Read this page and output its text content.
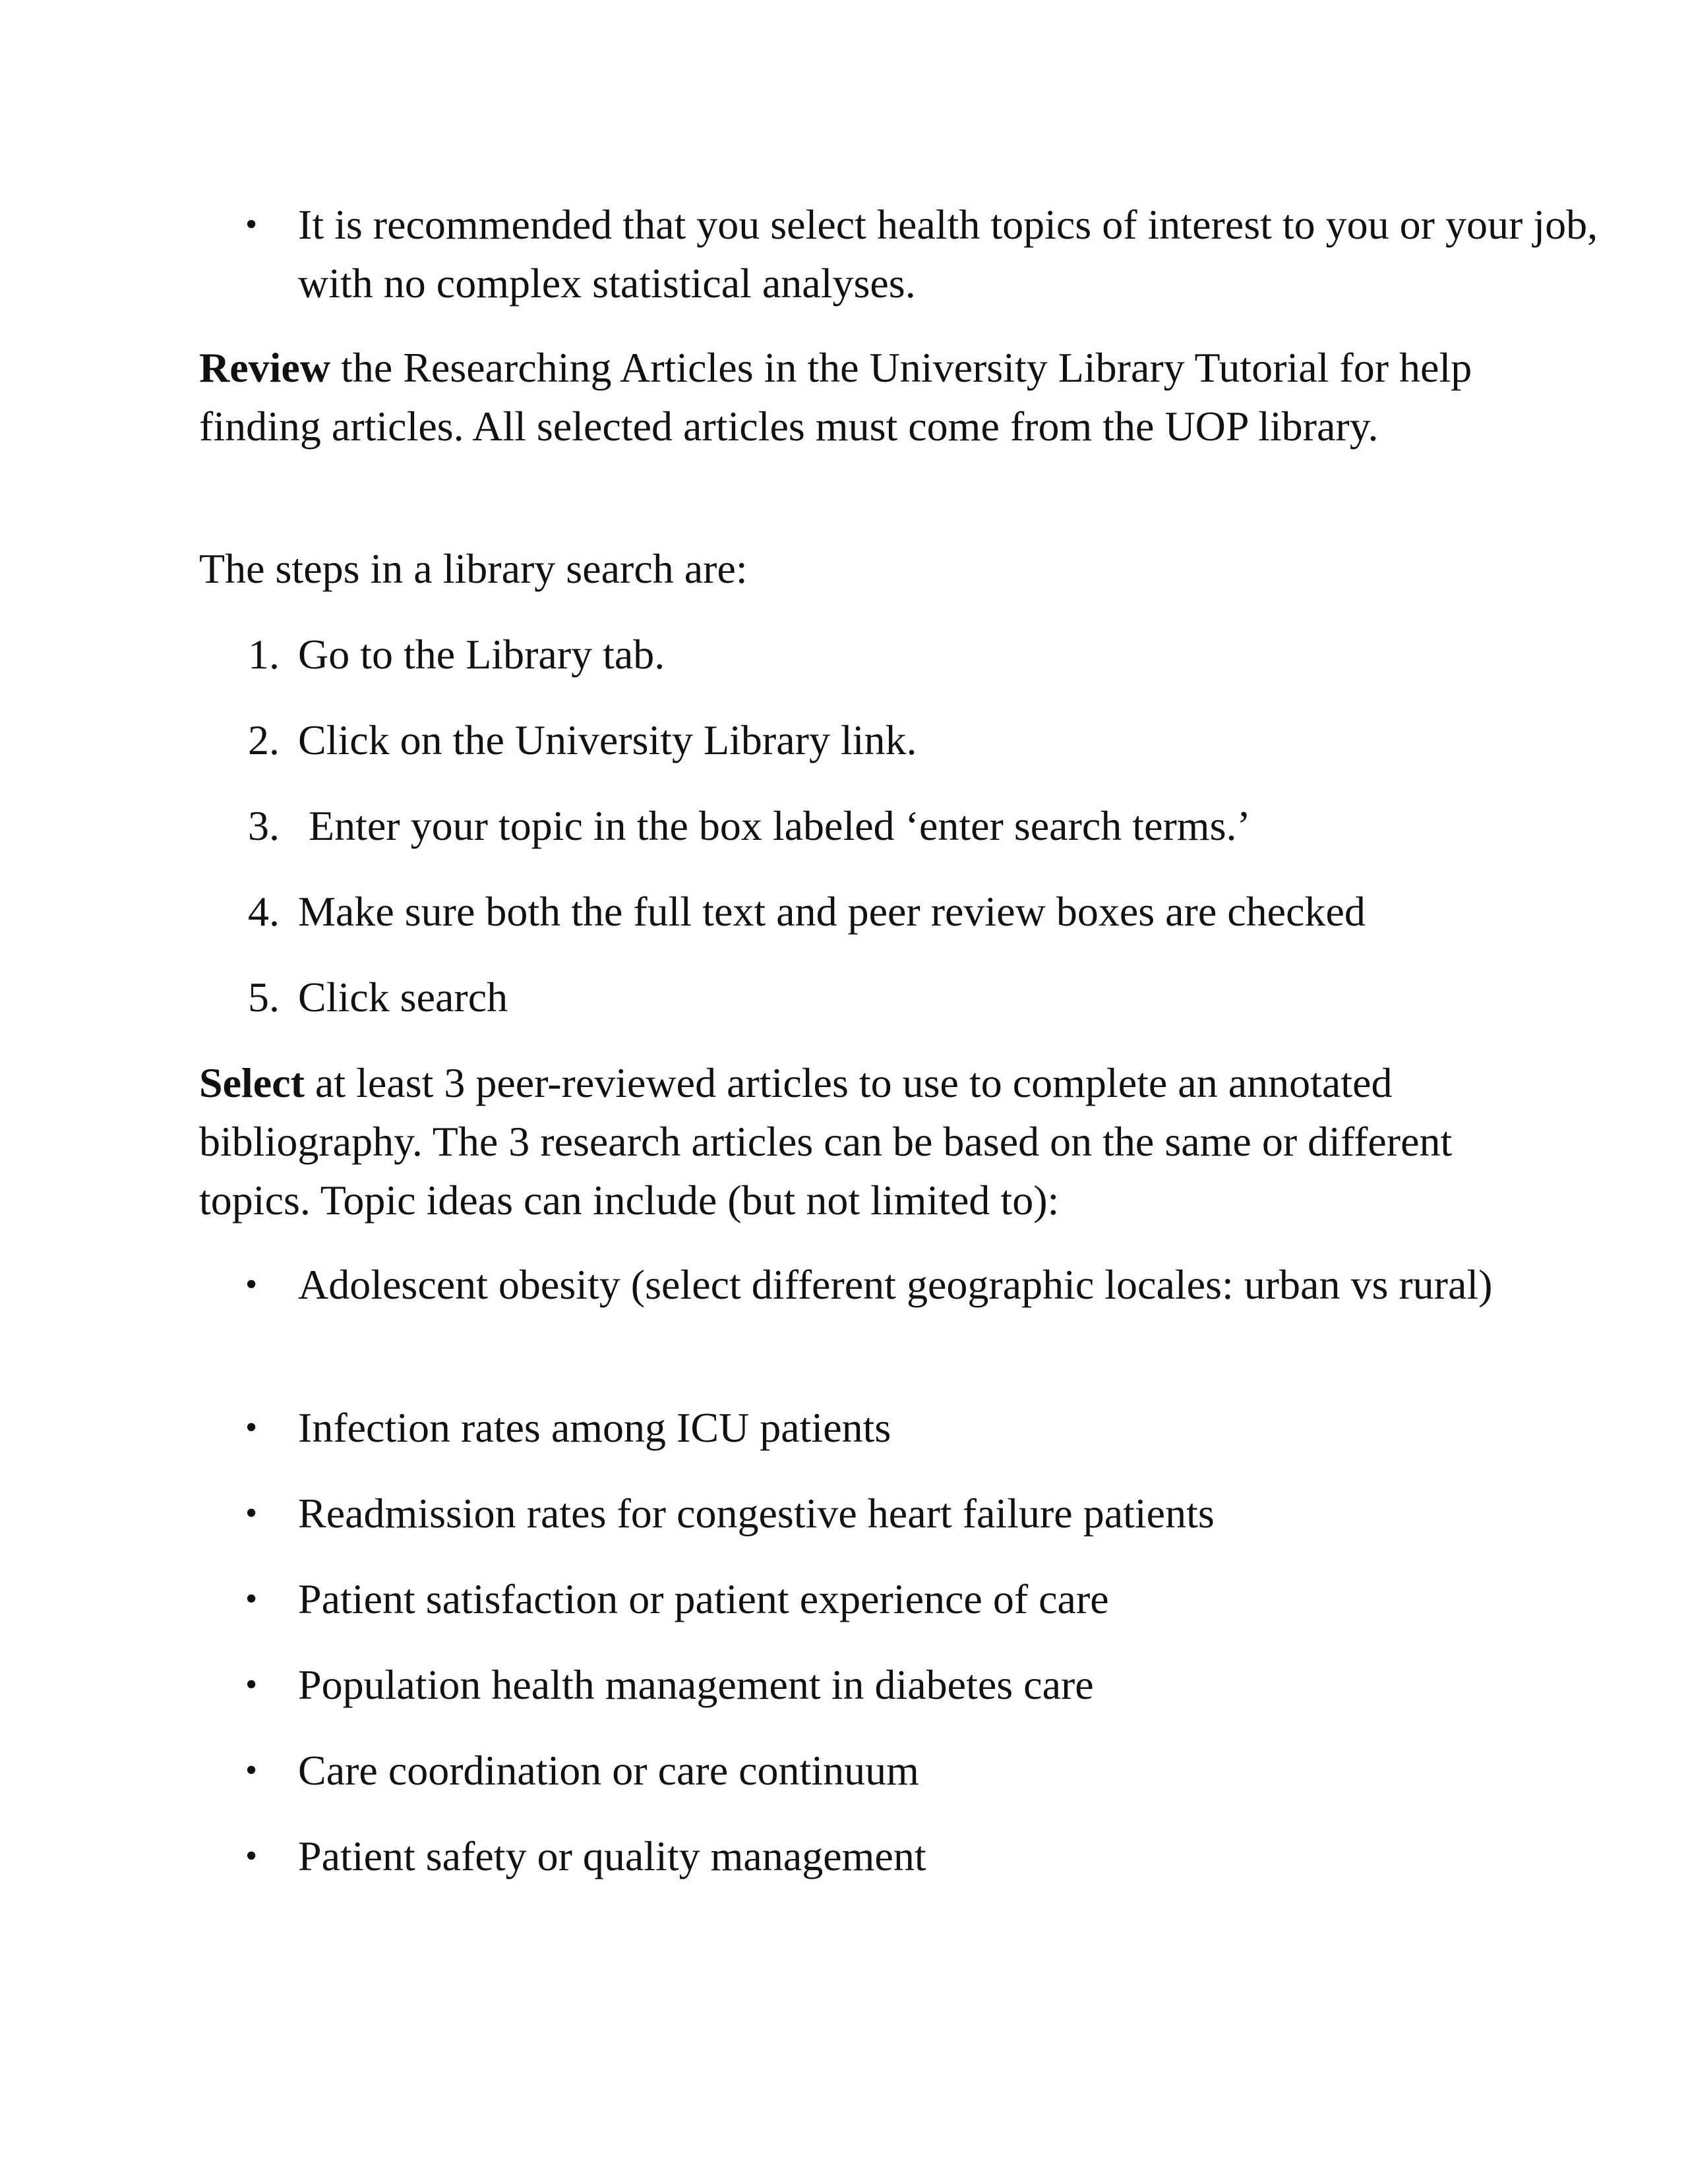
• It is recommended that you select health topics of interest to you or your job, with no complex statistical analyses.

Review the Researching Articles in the University Library Tutorial for help finding articles. All selected articles must come from the UOP library.

The steps in a library search are:

1. Go to the Library tab.
2. Click on the University Library link.
3. Enter your topic in the box labeled ‘enter search terms.’
4. Make sure both the full text and peer review boxes are checked
5. Click search

Select at least 3 peer-reviewed articles to use to complete an annotated bibliography. The 3 research articles can be based on the same or different topics. Topic ideas can include (but not limited to):

• Adolescent obesity (select different geographic locales: urban vs rural)
• Infection rates among ICU patients
• Readmission rates for congestive heart failure patients
• Patient satisfaction or patient experience of care
• Population health management in diabetes care
• Care coordination or care continuum
• Patient safety or quality management
